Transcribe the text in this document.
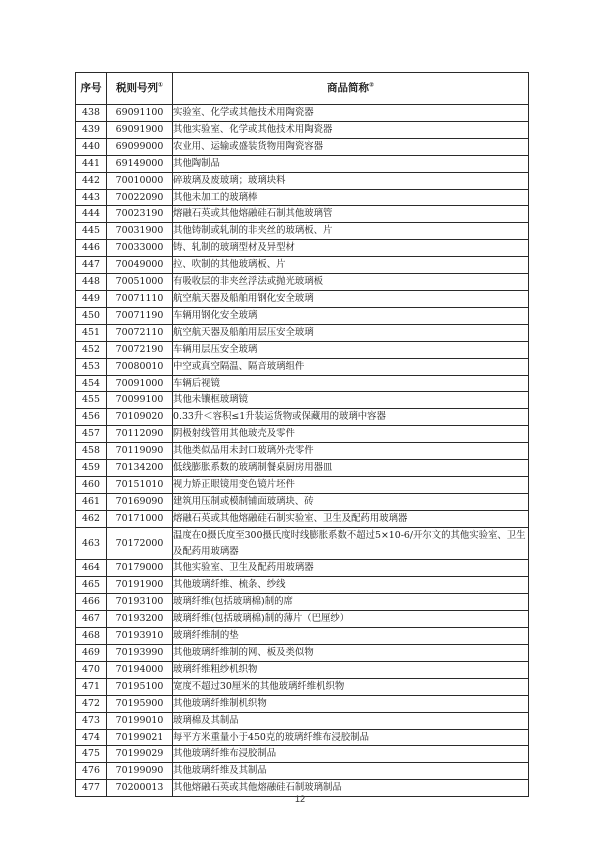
序号	税则号列①	商品简称②
438	69091100	实验室、化学或其他技术用陶瓷器
439	69091900	其他实验室、化学或其他技术用陶瓷器
440	69099000	农业用、运输或盛装货物用陶瓷容器
441	69149000	其他陶制品
442	70010000	碎玻璃及废玻璃；玻璃块料
443	70022090	其他未加工的玻璃棒
444	70023190	熔融石英或其他熔融硅石制其他玻璃管
445	70031900	其他铸制或轧制的非夹丝的玻璃板、片
446	70033000	铸、轧制的玻璃型材及异型材
447	70049000	拉、吹制的其他玻璃板、片
448	70051000	有吸收层的非夹丝浮法或抛光玻璃板
449	70071110	航空航天器及船舶用钢化安全玻璃
450	70071190	车辆用钢化安全玻璃
451	70072110	航空航天器及船舶用层压安全玻璃
452	70072190	车辆用层压安全玻璃
453	70080010	中空或真空隔温、隔音玻璃组件
454	70091000	车辆后视镜
455	70099100	其他未镶框玻璃镜
456	70109020	0.33升＜容积≤1升装运货物或保藏用的玻璃中容器
457	70112090	阴极射线管用其他玻壳及零件
458	70119090	其他类似品用未封口玻璃外壳零件
459	70134200	低线膨胀系数的玻璃制餐桌厨房用器皿
460	70151010	视力矫正眼镜用变色镜片坯件
461	70169090	建筑用压制或模制铺面玻璃块、砖
462	70171000	熔融石英或其他熔融硅石制实验室、卫生及配药用玻璃器
463	70172000	温度在0摄氏度至300摄氏度时线膨胀系数不超过5×10-6/开尔文的其他实验室、卫生及配药用玻璃器
464	70179000	其他实验室、卫生及配药用玻璃器
465	70191900	其他玻璃纤维、梳条、纱线
466	70193100	玻璃纤维(包括玻璃棉)制的席
467	70193200	玻璃纤维(包括玻璃棉)制的薄片（巴厘纱）
468	70193910	玻璃纤维制的垫
469	70193990	其他玻璃纤维制的网、板及类似物
470	70194000	玻璃纤维粗纱机织物
471	70195100	宽度不超过30厘米的其他玻璃纤维机织物
472	70195900	其他玻璃纤维制机织物
473	70199010	玻璃棉及其制品
474	70199021	每平方米重量小于450克的玻璃纤维布浸胶制品
475	70199029	其他玻璃纤维布浸胶制品
476	70199090	其他玻璃纤维及其制品
477	70200013	其他熔融石英或其他熔融硅石制玻璃制品
12
